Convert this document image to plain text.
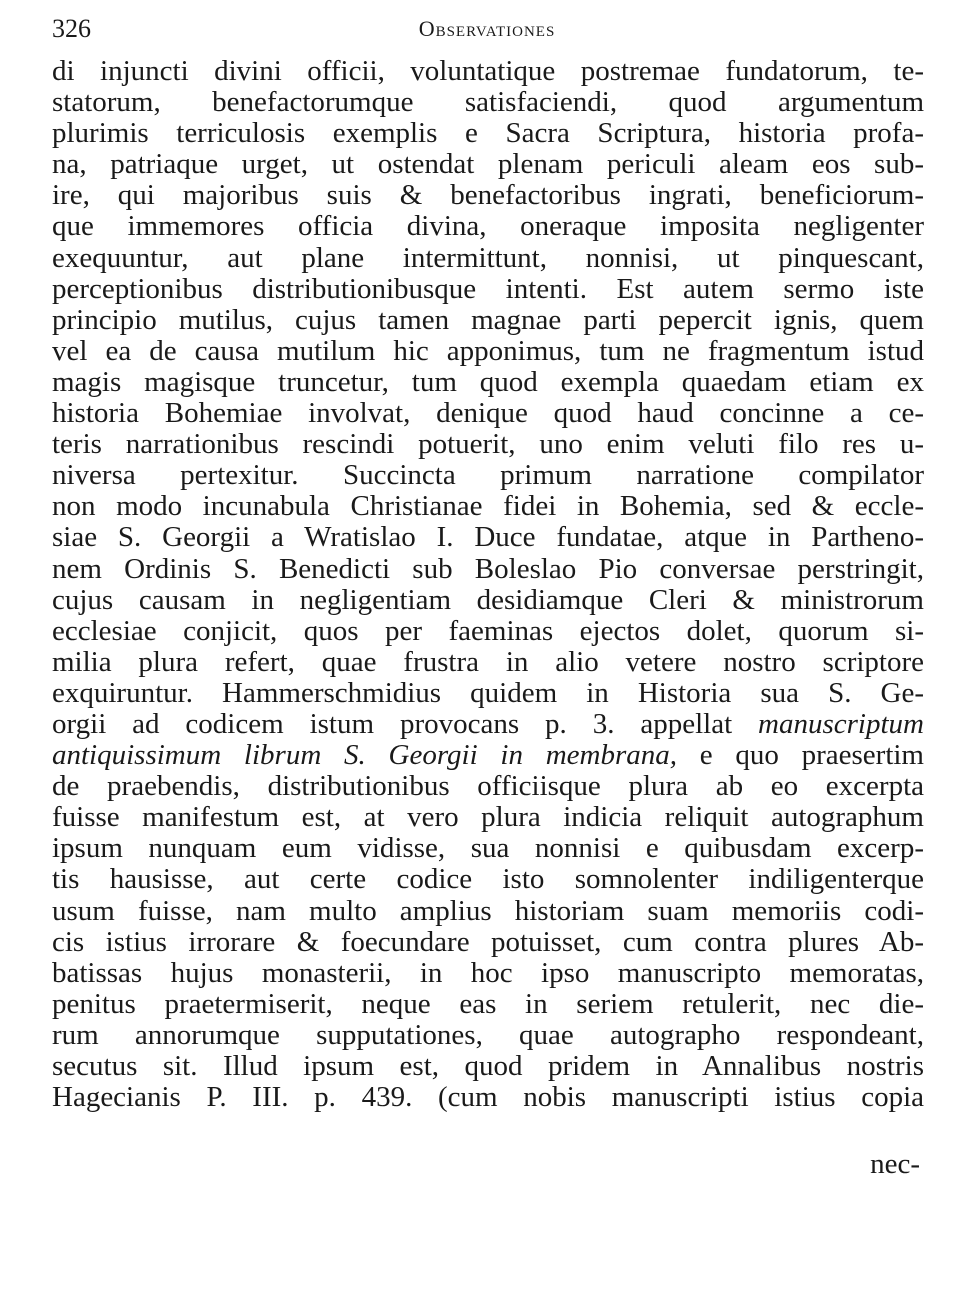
326	Observationes
di injuncti divini officii, voluntatique postremae fundatorum, te-
statorum, benefactorumque satisfaciendi, quod argumentum
plurimis terriculosis exemplis e Sacra Scriptura, historia profa-
na, patriaque urget, ut ostendat plenam periculi aleam eos sub-
ire, qui majoribus suis & benefactoribus ingrati, beneficiorum-
que immemores officia divina, oneraque imposita negligenter
exequuntur, aut plane intermittunt, nonnisi, ut pinquescant,
perceptionibus distributionibusque intenti. Est autem sermo iste
principio mutilus, cujus tamen magnae parti pepercit ignis, quem
vel ea de causa mutilum hic apponimus, tum ne fragmentum istud
magis magisque truncetur, tum quod exempla quaedam etiam ex
historia Bohemiae involvat, denique quod haud concinne a ce-
teris narrationibus rescindi potuerit, uno enim veluti filo res u-
niversa pertexitur. Succincta primum narratione compilator
non modo incunabula Christianae fidei in Bohemia, sed & eccle-
siae S. Georgii a Wratislao I. Duce fundatae, atque in Partheno-
nem Ordinis S. Benedicti sub Boleslao Pio conversae perstringit,
cujus causam in negligentiam desidiamque Cleri & ministrorum
ecclesiae conjicit, quos per faeminas ejectos dolet, quorum si-
milia plura refert, quae frustra in alio vetere nostro scriptore
exquiruntur. Hammerschmidius quidem in Historia sua S. Ge-
orgii ad codicem istum provocans p. 3. appellat manuscriptum
antiquissimum librum S. Georgii in membrana, e quo praesertim
de praebendis, distributionibus officiisque plura ab eo excerpta
fuisse manifestum est, at vero plura indicia reliquit autographum
ipsum nunquam eum vidisse, sua nonnisi e quibusdam excerp-
tis hausisse, aut certe codice isto somnolenter indiligenterque
usum fuisse, nam multo amplius historiam suam memoriis codi-
cis istius irrorare & foecundare potuisset, cum contra plures Ab-
batissas hujus monasterii, in hoc ipso manuscripto memoratas,
penitus praetermiserit, neque eas in seriem retulerit, nec die-
rum annorumque supputationes, quae autographo respondeant,
secutus sit. Illud ipsum est, quod pridem in Annalibus nostris
Hagecianis P. III. p. 439. (cum nobis manuscripti istius copia
nec-
